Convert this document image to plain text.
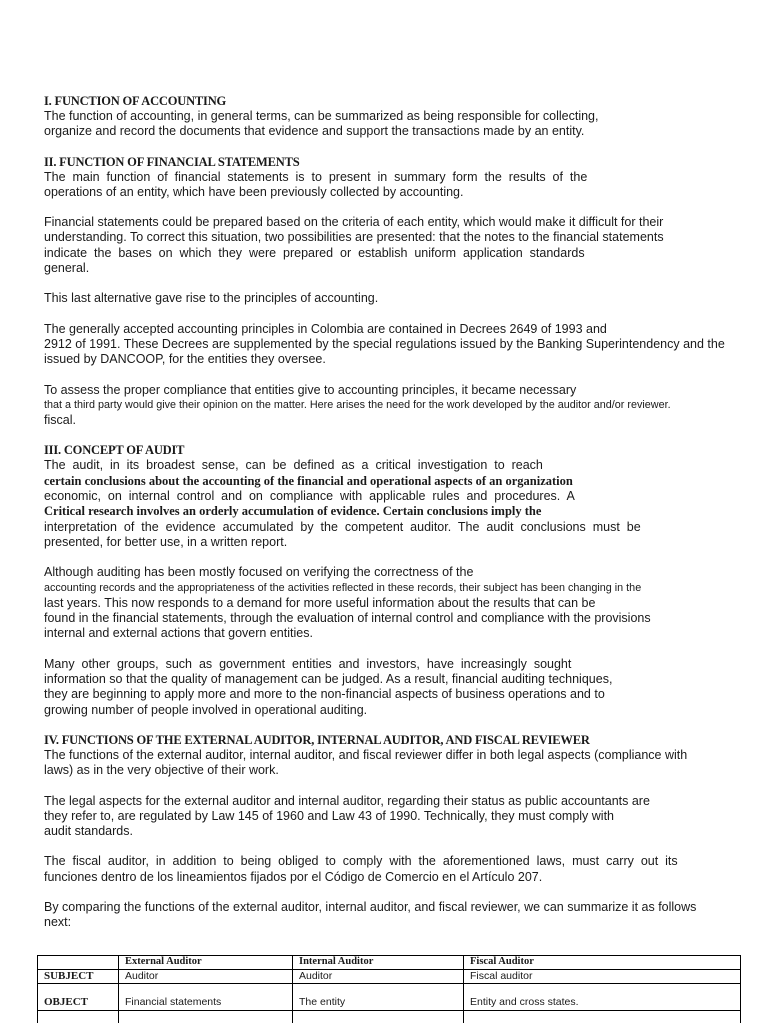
I. FUNCTION OF ACCOUNTING
The function of accounting, in general terms, can be summarized as being responsible for collecting,
organize and record the documents that evidence and support the transactions made by an entity.
II. FUNCTION OF FINANCIAL STATEMENTS
The  main  function  of  financial  statements  is  to  present  in  summary  form  the  results  of  the
operations of an entity, which have been previously collected by accounting.
Financial statements could be prepared based on the criteria of each entity, which would make it difficult for their
understanding. To correct this situation, two possibilities are presented: that the notes to the financial statements
indicate  the  bases  on  which  they  were  prepared  or  establish  uniform  application  standards
general.
This last alternative gave rise to the principles of accounting.
The generally accepted accounting principles in Colombia are contained in Decrees 2649 of 1993 and
2912 of 1991. These Decrees are supplemented by the special regulations issued by the Banking Superintendency and the
issued by DANCOOP, for the entities they oversee.
To assess the proper compliance that entities give to accounting principles, it became necessary
that a third party would give their opinion on the matter. Here arises the need for the work developed by the auditor and/or reviewer.
fiscal.
III. CONCEPT OF AUDIT
The  audit,  in  its  broadest  sense,  can  be  defined  as  a  critical  investigation  to  reach
certain conclusions about the accounting of the financial and operational aspects of an organization
economic,  on  internal  control  and  on  compliance  with  applicable  rules  and  procedures.  A
Critical research involves an orderly accumulation of evidence. Certain conclusions imply the
interpretation  of  the  evidence  accumulated  by  the  competent  auditor.  The  audit  conclusions  must  be
presented, for better use, in a written report.
Although auditing has been mostly focused on verifying the correctness of the
accounting records and the appropriateness of the activities reflected in these records, their subject has been changing in the
last years. This now responds to a demand for more useful information about the results that can be
found in the financial statements, through the evaluation of internal control and compliance with the provisions
internal and external actions that govern entities.
Many  other  groups,  such  as  government  entities  and  investors,  have  increasingly  sought
information so that the quality of management can be judged. As a result, financial auditing techniques,
they are beginning to apply more and more to the non-financial aspects of business operations and to
growing number of people involved in operational auditing.
IV. FUNCTIONS OF THE EXTERNAL AUDITOR, INTERNAL AUDITOR, AND FISCAL REVIEWER
The functions of the external auditor, internal auditor, and fiscal reviewer differ in both legal aspects (compliance with
laws) as in the very objective of their work.
The legal aspects for the external auditor and internal auditor, regarding their status as public accountants are
they refer to, are regulated by Law 145 of 1960 and Law 43 of 1990. Technically, they must comply with
audit standards.
The  fiscal  auditor,  in  addition  to  being  obliged  to  comply  with  the  aforementioned  laws,  must  carry  out  its
funciones dentro de los lineamientos fijados por el Código de Comercio en el Artículo 207.
By comparing the functions of the external auditor, internal auditor, and fiscal reviewer, we can summarize it as follows
next:
	External Auditor	Internal Auditor	Fiscal Auditor
SUBJECT	Auditor	Auditor	Fiscal auditor
OBJECT	Financial statements	The entity	Entity and cross states.
